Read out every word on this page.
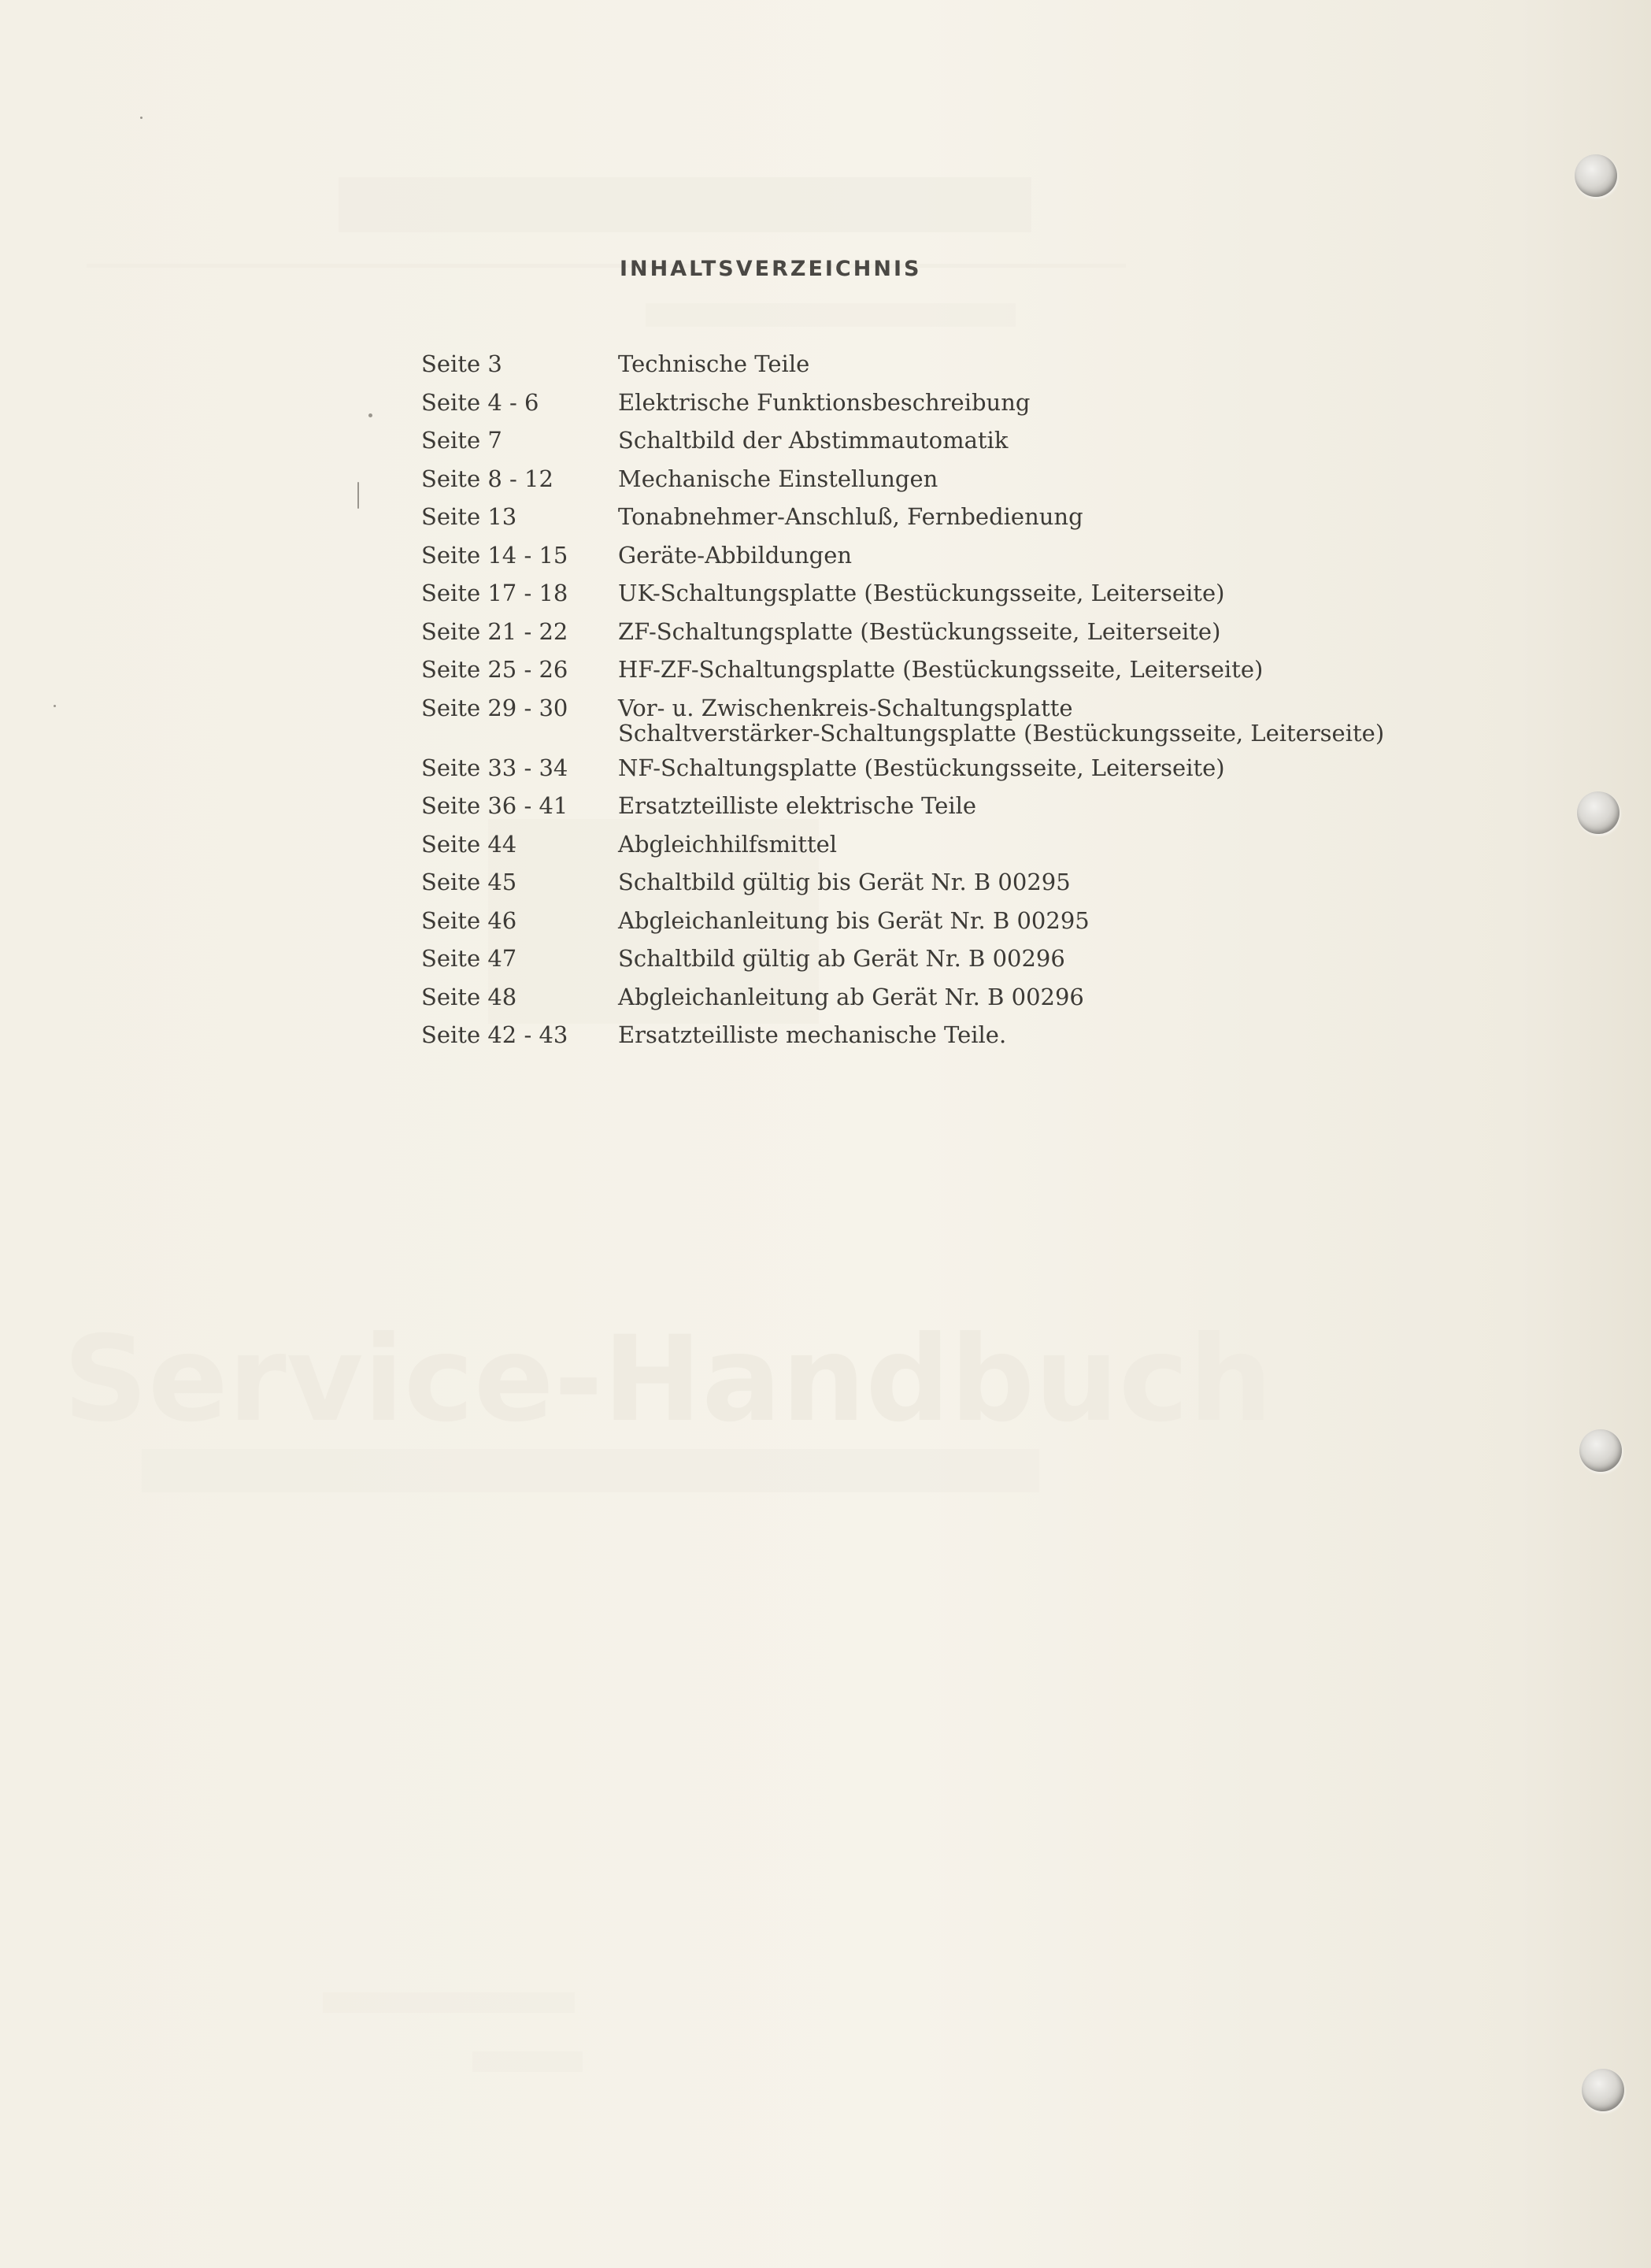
Service-Handbuch
INHALTSVERZEICHNIS
Seite 3	Technische Teile
Seite 4 - 6	Elektrische Funktionsbeschreibung
Seite 7	Schaltbild der Abstimmautomatik
Seite 8 - 12	Mechanische Einstellungen
Seite 13	Tonabnehmer-Anschluß, Fernbedienung
Seite 14 - 15	Geräte-Abbildungen
Seite 17 - 18	UK-Schaltungsplatte (Bestückungsseite, Leiterseite)
Seite 21 - 22	ZF-Schaltungsplatte (Bestückungsseite, Leiterseite)
Seite 25 - 26	HF-ZF-Schaltungsplatte (Bestückungsseite, Leiterseite)
Seite 29 - 30	Vor- u. Zwischenkreis-Schaltungsplatte
Schaltverstärker-Schaltungsplatte (Bestückungsseite, Leiterseite)
Seite 33 - 34	NF-Schaltungsplatte (Bestückungsseite, Leiterseite)
Seite 36 - 41	Ersatzteilliste elektrische Teile
Seite 44	Abgleichhilfsmittel
Seite 45	Schaltbild gültig bis Gerät Nr. B 00295
Seite 46	Abgleichanleitung bis Gerät Nr. B 00295
Seite 47	Schaltbild gültig ab Gerät Nr. B 00296
Seite 48	Abgleichanleitung ab Gerät Nr. B 00296
Seite 42 - 43	Ersatzteilliste mechanische Teile.
